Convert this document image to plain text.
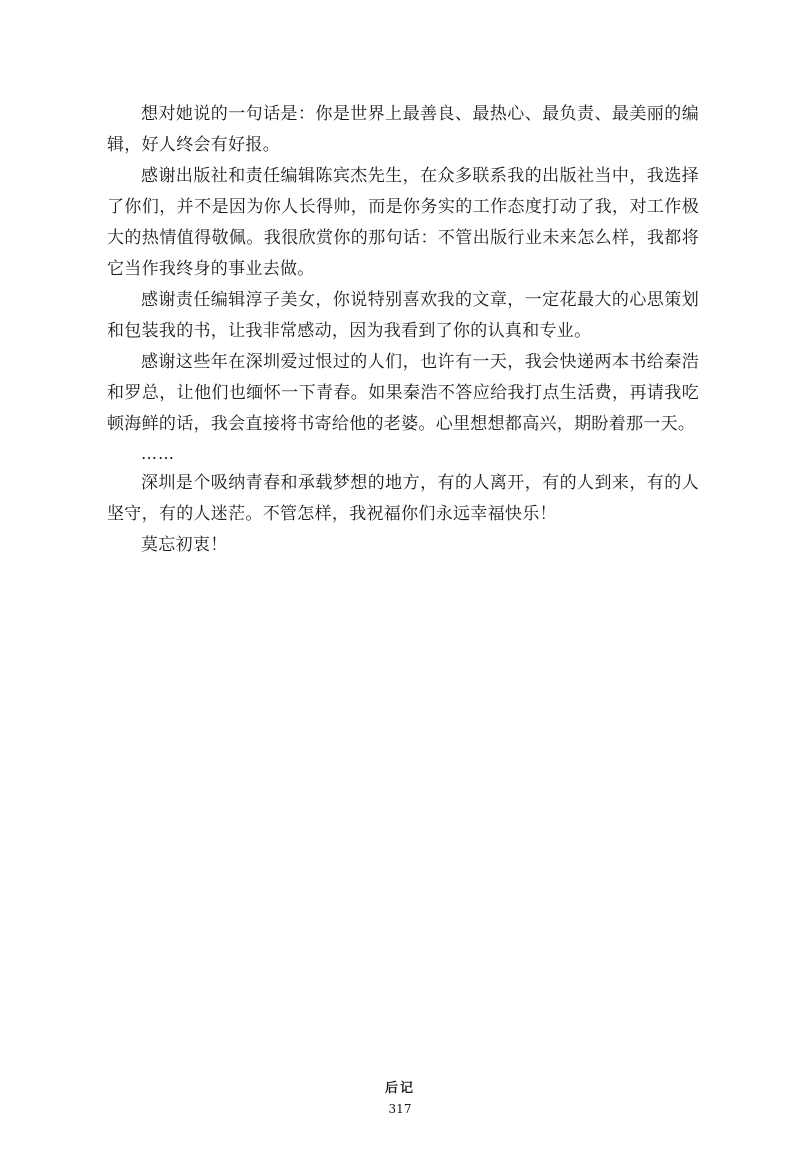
想对她说的一句话是：你是世界上最善良、最热心、最负责、最美丽的编辑，好人终会有好报。

感谢出版社和责任编辑陈宾杰先生，在众多联系我的出版社当中，我选择了你们，并不是因为你人长得帅，而是你务实的工作态度打动了我，对工作极大的热情值得敬佩。我很欣赏你的那句话：不管出版行业未来怎么样，我都将它当作我终身的事业去做。

感谢责任编辑淳子美女，你说特别喜欢我的文章，一定花最大的心思策划和包装我的书，让我非常感动，因为我看到了你的认真和专业。

感谢这些年在深圳爱过恨过的人们，也许有一天，我会快递两本书给秦浩和罗总，让他们也缅怀一下青春。如果秦浩不答应给我打点生活费，再请我吃顿海鲜的话，我会直接将书寄给他的老婆。心里想想都高兴，期盼着那一天。

……

深圳是个吸纳青春和承载梦想的地方，有的人离开，有的人到来，有的人坚守，有的人迷茫。不管怎样，我祝福你们永远幸福快乐！

莫忘初衷！

后记
317
